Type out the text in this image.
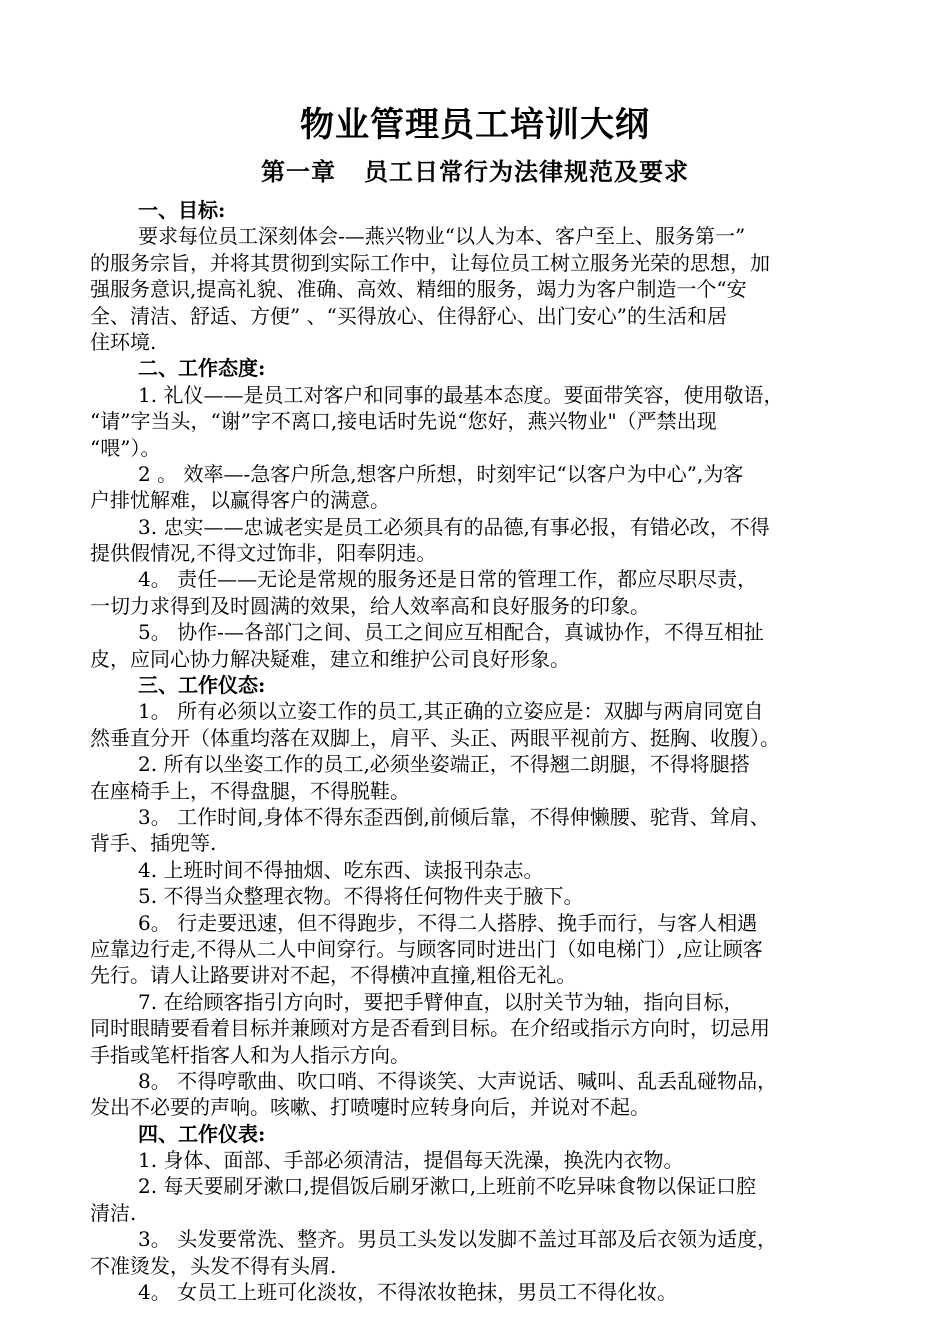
物业管理员工培训大纲
第一章   员工日常行为法律规范及要求
一、目标:
要求每位员工深刻体会-—燕兴物业“以人为本、客户至上、服务第一”
的服务宗旨，并将其贯彻到实际工作中，让每位员工树立服务光荣的思想，加
强服务意识,提高礼貌、准确、高效、精细的服务，竭力为客户制造一个“安
全、清洁、舒适、方便” 、“买得放心、住得舒心、出门安心”的生活和居
住环境.
二、工作态度:
1. 礼仪——是员工对客户和同事的最基本态度。要面带笑容，使用敬语，
“请”字当头，“谢”字不离口,接电话时先说“您好，燕兴物业"（严禁出现
“喂”）。
2 。 效率—-急客户所急,想客户所想，时刻牢记“以客户为中心”,为客
户排忧解难，以赢得客户的满意。
3. 忠实——忠诚老实是员工必须具有的品德,有事必报，有错必改，不得
提供假情况,不得文过饰非，阳奉阴违。
4。 责任——无论是常规的服务还是日常的管理工作，都应尽职尽责，
一切力求得到及时圆满的效果，给人效率高和良好服务的印象。
5。 协作-—各部门之间、员工之间应互相配合，真诚协作，不得互相扯
皮，应同心协力解决疑难，建立和维护公司良好形象。
三、工作仪态:
1。 所有必须以立姿工作的员工,其正确的立姿应是：双脚与两肩同宽自
然垂直分开（体重均落在双脚上，肩平、头正、两眼平视前方、挺胸、收腹）。
2. 所有以坐姿工作的员工,必须坐姿端正，不得翘二朗腿，不得将腿搭
在座椅手上，不得盘腿，不得脱鞋。
3。 工作时间,身体不得东歪西倒,前倾后靠，不得伸懒腰、驼背、耸肩、
背手、插兜等.
4. 上班时间不得抽烟、吃东西、读报刊杂志。
5. 不得当众整理衣物。不得将任何物件夹于腋下。
6。 行走要迅速，但不得跑步，不得二人搭脖、挽手而行，与客人相遇
应靠边行走,不得从二人中间穿行。与顾客同时进出门（如电梯门）,应让顾客
先行。请人让路要讲对不起，不得横冲直撞,粗俗无礼。
7. 在给顾客指引方向时，要把手臂伸直，以肘关节为轴，指向目标，
同时眼睛要看着目标并兼顾对方是否看到目标。在介绍或指示方向时，切忌用
手指或笔杆指客人和为人指示方向。
8。 不得哼歌曲、吹口哨、不得谈笑、大声说话、喊叫、乱丢乱碰物品，
发出不必要的声响。咳嗽、打喷嚏时应转身向后，并说对不起。
四、工作仪表:
1. 身体、面部、手部必须清洁，提倡每天洗澡，换洗内衣物。
2. 每天要刷牙漱口,提倡饭后刷牙漱口,上班前不吃异味食物以保证口腔
清洁.
3。 头发要常洗、整齐。男员工头发以发脚不盖过耳部及后衣领为适度，
不准烫发，头发不得有头屑.
4。 女员工上班可化淡妆，不得浓妆艳抹，男员工不得化妆。
